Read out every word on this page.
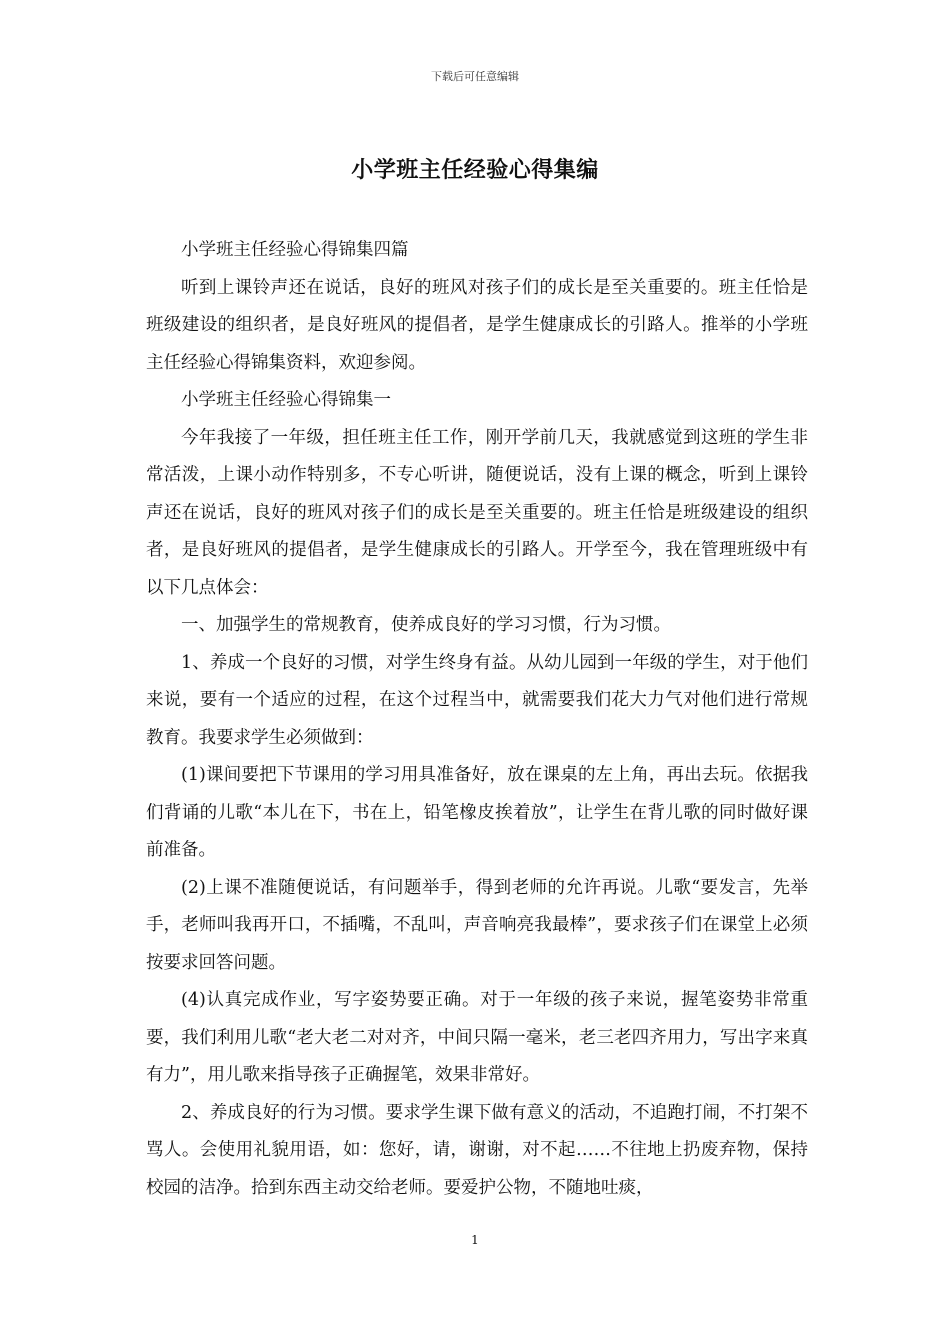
下载后可任意编辑
小学班主任经验心得集编

小学班主任经验心得锦集四篇

听到上课铃声还在说话，良好的班风对孩子们的成长是至关重要的。班主任恰是班级建设的组织者，是良好班风的提倡者，是学生健康成长的引路人。推举的小学班主任经验心得锦集资料，欢迎参阅。

小学班主任经验心得锦集一

今年我接了一年级，担任班主任工作，刚开学前几天，我就感觉到这班的学生非常活泼，上课小动作特别多，不专心听讲，随便说话，没有上课的概念，听到上课铃声还在说话，良好的班风对孩子们的成长是至关重要的。班主任恰是班级建设的组织者，是良好班风的提倡者，是学生健康成长的引路人。开学至今，我在管理班级中有以下几点体会：

一、加强学生的常规教育，使养成良好的学习习惯，行为习惯。

1、养成一个良好的习惯，对学生终身有益。从幼儿园到一年级的学生，对于他们来说，要有一个适应的过程，在这个过程当中，就需要我们花大力气对他们进行常规教育。我要求学生必须做到：

(1)课间要把下节课用的学习用具准备好，放在课桌的左上角，再出去玩。依据我们背诵的儿歌“本儿在下，书在上，铅笔橡皮挨着放”，让学生在背儿歌的同时做好课前准备。

(2)上课不准随便说话，有问题举手，得到老师的允许再说。儿歌“要发言，先举手，老师叫我再开口，不插嘴，不乱叫，声音响亮我最棒”，要求孩子们在课堂上必须按要求回答问题。

(4)认真完成作业，写字姿势要正确。对于一年级的孩子来说，握笔姿势非常重要，我们利用儿歌“老大老二对对齐，中间只隔一毫米，老三老四齐用力，写出字来真有力”，用儿歌来指导孩子正确握笔，效果非常好。

2、养成良好的行为习惯。要求学生课下做有意义的活动，不追跑打闹，不打架不骂人。会使用礼貌用语，如：您好，请，谢谢，对不起……不往地上扔废弃物，保持校园的洁净。拾到东西主动交给老师。要爱护公物，不随地吐痰，

1
